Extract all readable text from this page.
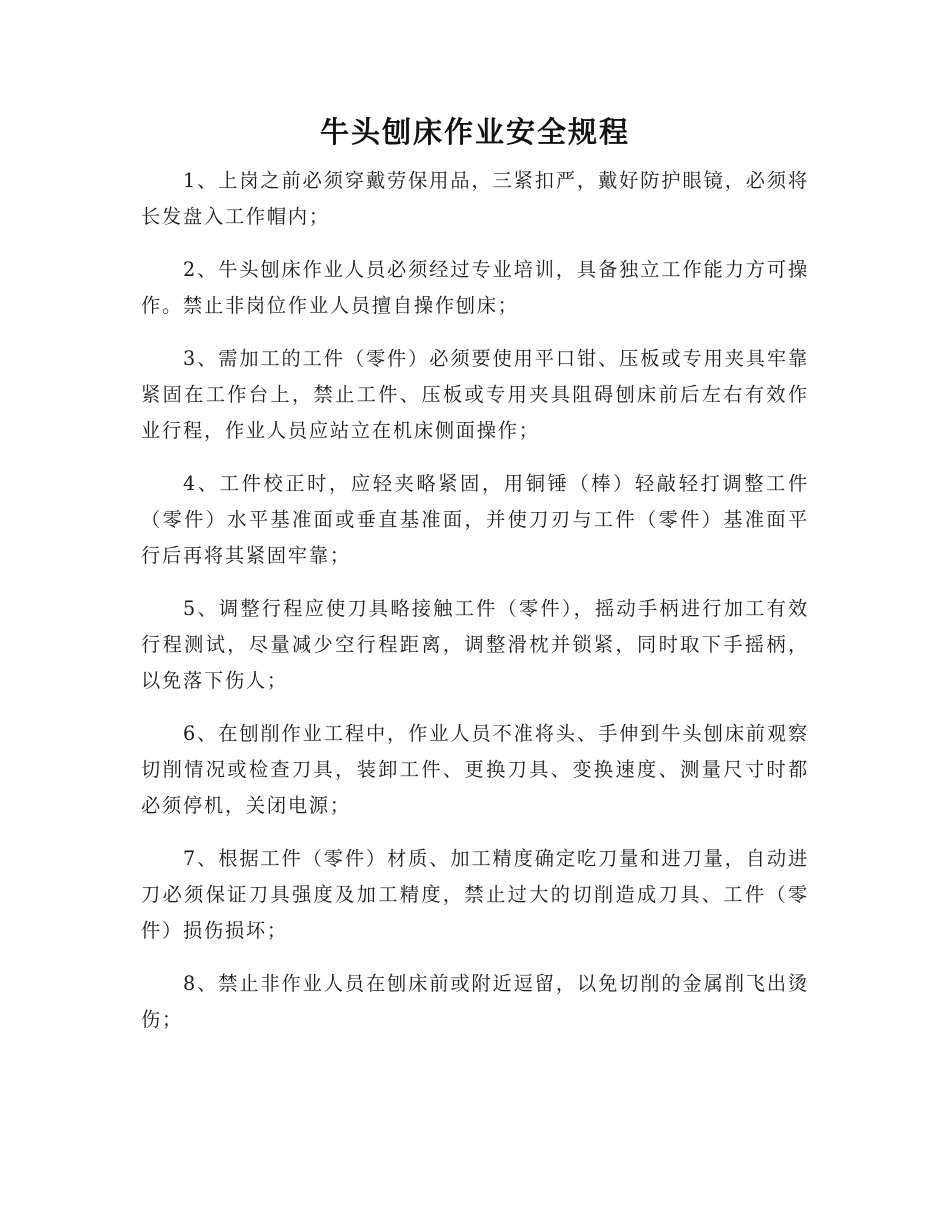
牛头刨床作业安全规程

1、上岗之前必须穿戴劳保用品，三紧扣严，戴好防护眼镜，必须将长发盘入工作帽内；

2、牛头刨床作业人员必须经过专业培训，具备独立工作能力方可操作。禁止非岗位作业人员擅自操作刨床；

3、需加工的工件（零件）必须要使用平口钳、压板或专用夹具牢靠紧固在工作台上，禁止工件、压板或专用夹具阻碍刨床前后左右有效作业行程，作业人员应站立在机床侧面操作；

4、工件校正时，应轻夹略紧固，用铜锤（棒）轻敲轻打调整工件（零件）水平基准面或垂直基准面，并使刀刃与工件（零件）基准面平行后再将其紧固牢靠；

5、调整行程应使刀具略接触工件（零件），摇动手柄进行加工有效行程测试，尽量减少空行程距离，调整滑枕并锁紧，同时取下手摇柄，以免落下伤人；

6、在刨削作业工程中，作业人员不准将头、手伸到牛头刨床前观察切削情况或检查刀具，装卸工件、更换刀具、变换速度、测量尺寸时都必须停机，关闭电源；

7、根据工件（零件）材质、加工精度确定吃刀量和进刀量，自动进刀必须保证刀具强度及加工精度，禁止过大的切削造成刀具、工件（零件）损伤损坏；

8、禁止非作业人员在刨床前或附近逗留，以免切削的金属削飞出烫伤；
